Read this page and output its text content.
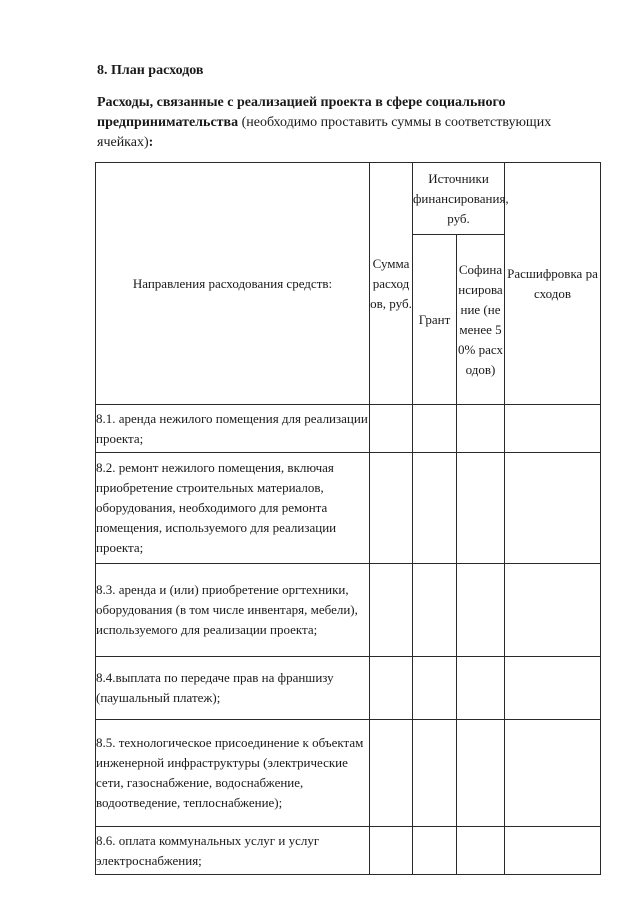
8. План расходов

Расходы, связанные с реализацией проекта в сфере социального предпринимательства (необходимо проставить суммы в соответствующих ячейках):

Направления расходования средств:	Сумма расходов, руб.	Источники финансирования, руб.		Расшифровка расходов
		Грант	Софинансирование (не менее 50% расходов)	
8.1. аренда нежилого помещения для реализации проекта;				
8.2. ремонт нежилого помещения, включая приобретение строительных материалов, оборудования, необходимого для ремонта помещения, используемого для реализации проекта;				
8.3. аренда и (или) приобретение оргтехники, оборудования (в том числе инвентаря, мебели), используемого для реализации проекта;				
8.4.выплата по передаче прав на франшизу (паушальный платеж);				
8.5. технологическое присоединение к объектам инженерной инфраструктуры (электрические сети, газоснабжение, водоснабжение, водоотведение, теплоснабжение);				
8.6. оплата коммунальных услуг и услуг электроснабжения;				
